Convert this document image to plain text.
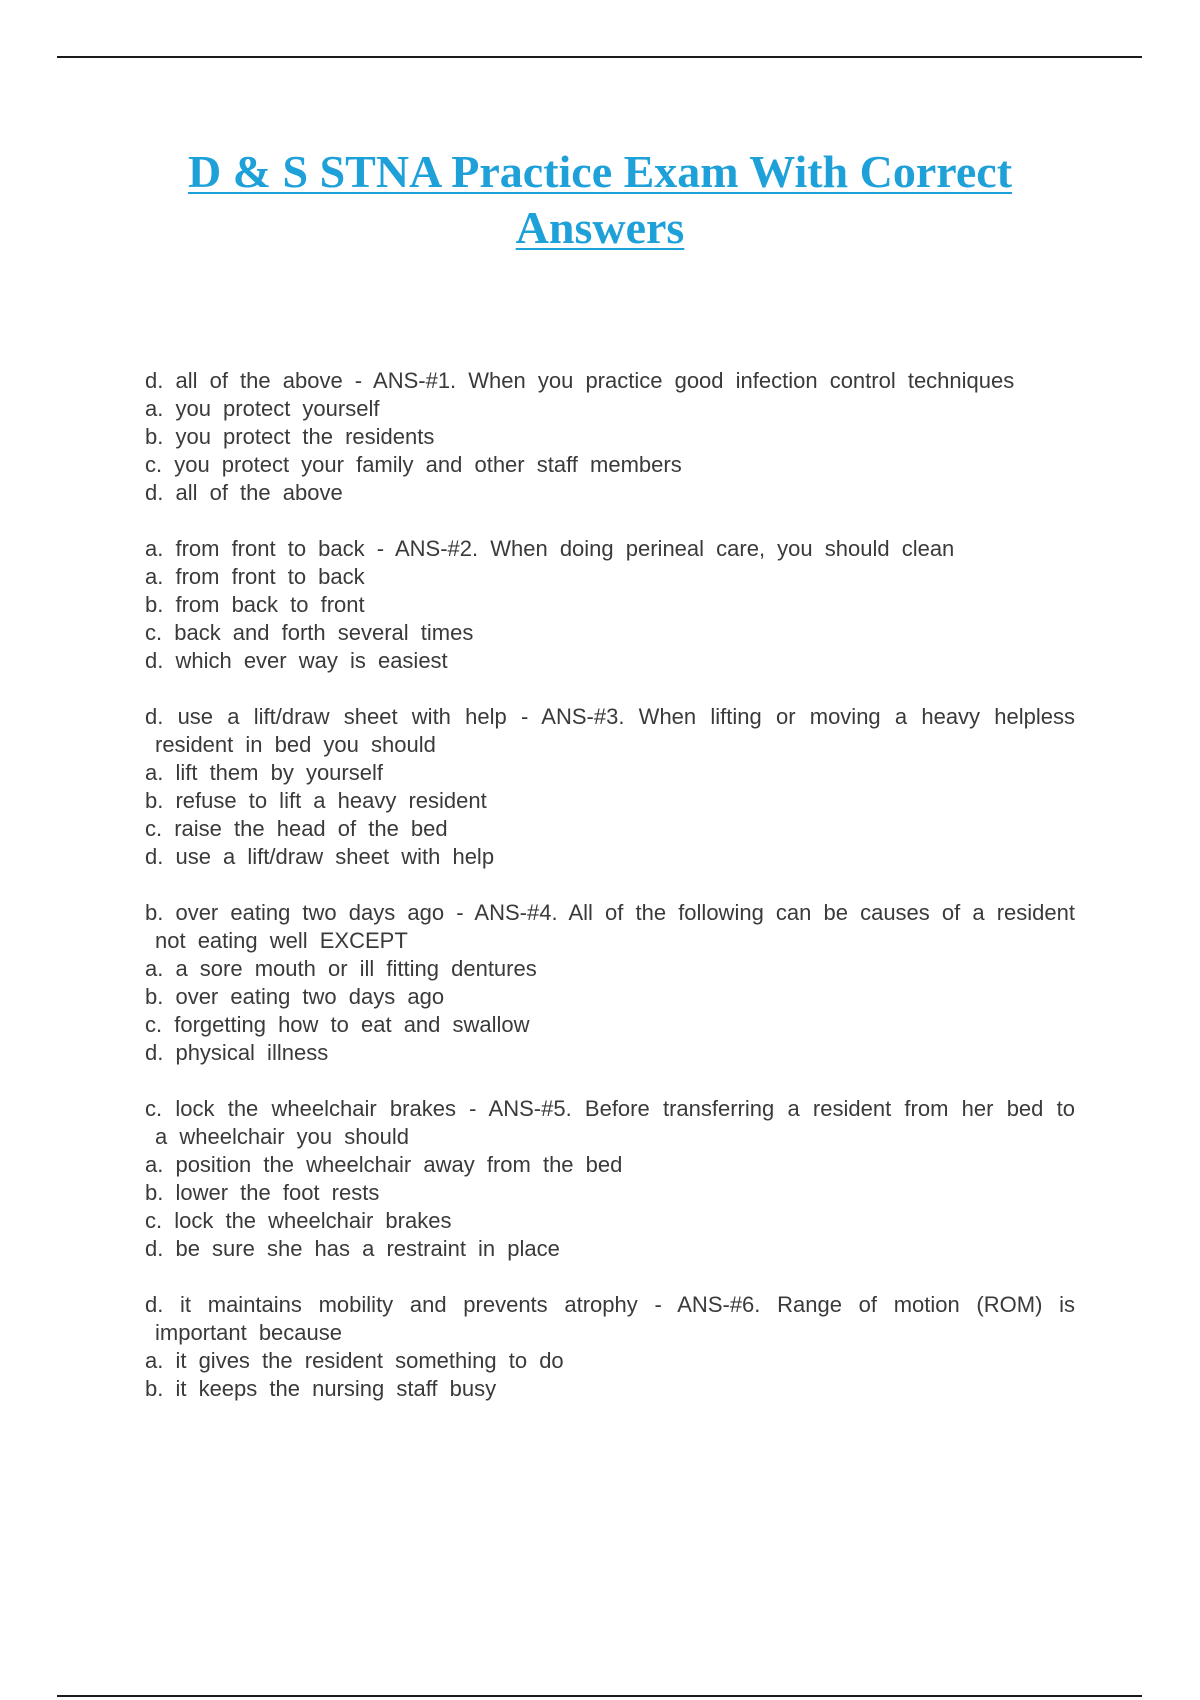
D & S STNA Practice Exam With Correct Answers
d. all of the above - ANS-#1. When you practice good infection control techniques
a. you protect yourself
b. you protect the residents
c. you protect your family and other staff members
d. all of the above
a. from front to back - ANS-#2. When doing perineal care, you should clean
a. from front to back
b. from back to front
c. back and forth several times
d. which ever way is easiest
d. use a lift/draw sheet with help - ANS-#3. When lifting or moving a heavy helpless resident in bed you should
a. lift them by yourself
b. refuse to lift a heavy resident
c. raise the head of the bed
d. use a lift/draw sheet with help
b. over eating two days ago - ANS-#4. All of the following can be causes of a resident not eating well EXCEPT
a. a sore mouth or ill fitting dentures
b. over eating two days ago
c. forgetting how to eat and swallow
d. physical illness
c. lock the wheelchair brakes - ANS-#5. Before transferring a resident from her bed to a wheelchair you should
a. position the wheelchair away from the bed
b. lower the foot rests
c. lock the wheelchair brakes
d. be sure she has a restraint in place
d. it maintains mobility and prevents atrophy - ANS-#6. Range of motion (ROM) is important because
a. it gives the resident something to do
b. it keeps the nursing staff busy
